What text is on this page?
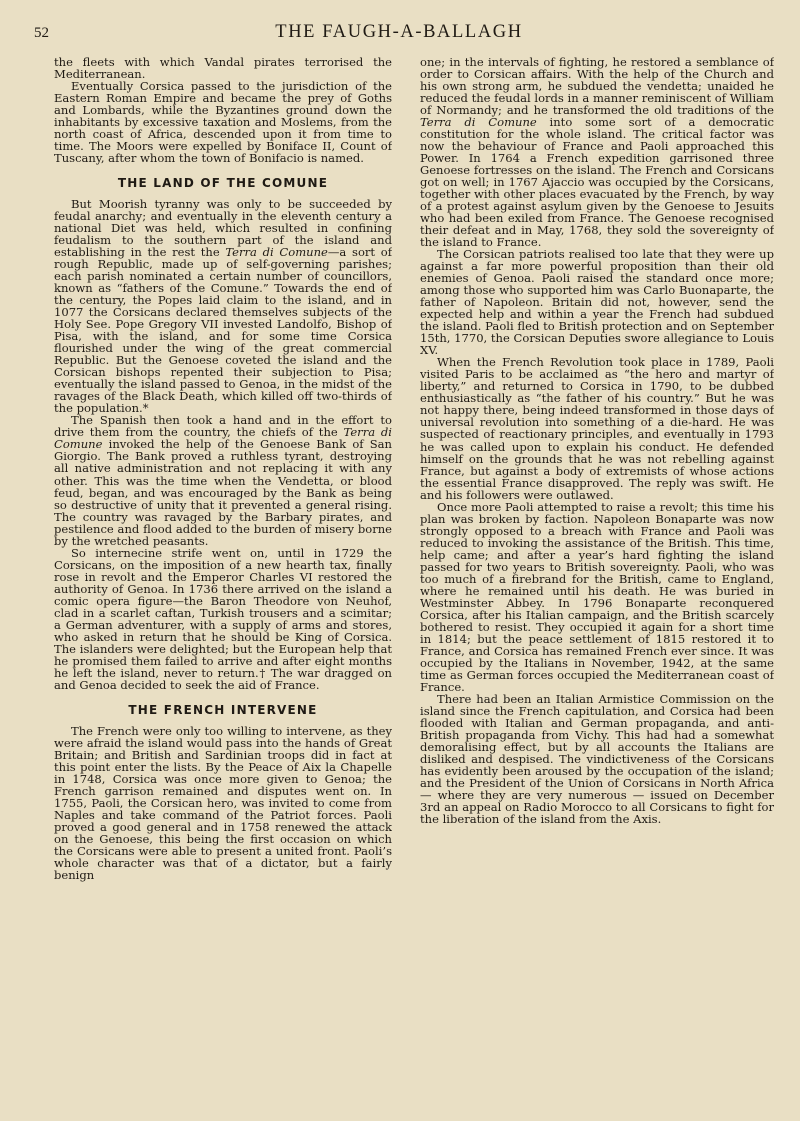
52	THE FAUGH-A-BALLAGH

the fleets with which Vandal pirates terrorised the Mediterranean.

Eventually Corsica passed to the jurisdiction of the Eastern Roman Empire and became the prey of Goths and Lombards, while the Byzantines ground down the inhabitants by excessive taxation and Moslems, from the north coast of Africa, descended upon it from time to time. The Moors were expelled by Boniface II, Count of Tuscany, after whom the town of Bonifacio is named.

THE LAND OF THE COMUNE

But Moorish tyranny was only to be succeeded by feudal anarchy; and eventually in the eleventh century a national Diet was held, which resulted in confining feudalism to the southern part of the island and establishing in the rest the Terra di Comune—a sort of rough Republic, made up of self-governing parishes; each parish nominated a certain number of councillors, known as “fathers of the Comune.” Towards the end of the century, the Popes laid claim to the island, and in 1077 the Corsicans declared themselves subjects of the Holy See. Pope Gregory VII invested Landolfo, Bishop of Pisa, with the island, and for some time Corsica flourished under the wing of the great commercial Republic. But the Genoese coveted the island and the Corsican bishops repented their subjection to Pisa; eventually the island passed to Genoa, in the midst of the ravages of the Black Death, which killed off two-thirds of the population.*

The Spanish then took a hand and in the effort to drive them from the country, the chiefs of the Terra di Comune invoked the help of the Genoese Bank of San Giorgio. The Bank proved a ruthless tyrant, destroying all native administration and not replacing it with any other. This was the time when the Vendetta, or blood feud, began, and was encouraged by the Bank as being so destructive of unity that it prevented a general rising. The country was ravaged by the Barbary pirates, and pestilence and flood added to the burden of misery borne by the wretched peasants.

So internecine strife went on, until in 1729 the Corsicans, on the imposition of a new hearth tax, finally rose in revolt and the Emperor Charles VI restored the authority of Genoa. In 1736 there arrived on the island a comic opera figure—the Baron Theodore von Neuhof, clad in a scarlet caftan, Turkish trousers and a scimitar; a German adventurer, with a supply of arms and stores, who asked in return that he should be King of Corsica. The islanders were delighted; but the European help that he promised them failed to arrive and after eight months he left the island, never to return.† The war dragged on and Genoa decided to seek the aid of France.

THE FRENCH INTERVENE

The French were only too willing to intervene, as they were afraid the island would pass into the hands of Great Britain; and British and Sardinian troops did in fact at this point enter the lists. By the Peace of Aix la Chapelle in 1748, Corsica was once more given to Genoa; the French garrison remained and disputes went on. In 1755, Paoli, the Corsican hero, was invited to come from Naples and take command of the Patriot forces. Paoli proved a good general and in 1758 renewed the attack on the Genoese, this being the first occasion on which the Corsicans were able to present a united front. Paoli’s whole character was that of a dictator, but a fairly benign

one; in the intervals of fighting, he restored a semblance of order to Corsican affairs. With the help of the Church and his own strong arm, he subdued the vendetta; unaided he reduced the feudal lords in a manner reminiscent of William of Normandy; and he transformed the old traditions of the Terra di Comune into some sort of a democratic constitution for the whole island. The critical factor was now the behaviour of France and Paoli approached this Power. In 1764 a French expedition garrisoned three Genoese fortresses on the island. The French and Corsicans got on well; in 1767 Ajaccio was occupied by the Corsicans, together with other places evacuated by the French, by way of a protest against asylum given by the Genoese to Jesuits who had been exiled from France. The Genoese recognised their defeat and in May, 1768, they sold the sovereignty of the island to France.

The Corsican patriots realised too late that they were up against a far more powerful proposition than their old enemies of Genoa. Paoli raised the standard once more; among those who supported him was Carlo Buonaparte, the father of Napoleon. Britain did not, however, send the expected help and within a year the French had subdued the island. Paoli fled to British protection and on September 15th, 1770, the Corsican Deputies swore allegiance to Louis XV.

When the French Revolution took place in 1789, Paoli visited Paris to be acclaimed as “the hero and martyr of liberty,” and returned to Corsica in 1790, to be dubbed enthusiastically as “the father of his country.” But he was not happy there, being indeed transformed in those days of universal revolution into something of a die-hard. He was suspected of reactionary principles, and eventually in 1793 he was called upon to explain his conduct. He defended himself on the grounds that he was not rebelling against France, but against a body of extremists of whose actions the essential France disapproved. The reply was swift. He and his followers were outlawed.

Once more Paoli attempted to raise a revolt; this time his plan was broken by faction. Napoleon Bonaparte was now strongly opposed to a breach with France and Paoli was reduced to invoking the assistance of the British. This time, help came; and after a year’s hard fighting the island passed for two years to British sovereignty. Paoli, who was too much of a firebrand for the British, came to England, where he remained until his death. He was buried in Westminster Abbey. In 1796 Bonaparte reconquered Corsica, after his Italian campaign, and the British scarcely bothered to resist. They occupied it again for a short time in 1814; but the peace settlement of 1815 restored it to France, and Corsica has remained French ever since. It was occupied by the Italians in November, 1942, at the same time as German forces occupied the Mediterranean coast of France.

There had been an Italian Armistice Commission on the island since the French capitulation, and Corsica had been flooded with Italian and German propaganda, and anti-British propaganda from Vichy. This had had a somewhat demoralising effect, but by all accounts the Italians are disliked and despised. The vindictiveness of the Corsicans has evidently been aroused by the occupation of the island; and the President of the Union of Corsicans in North Africa — where they are very numerous — issued on December 3rd an appeal on Radio Morocco to all Corsicans to fight for the liberation of the island from the Axis.
